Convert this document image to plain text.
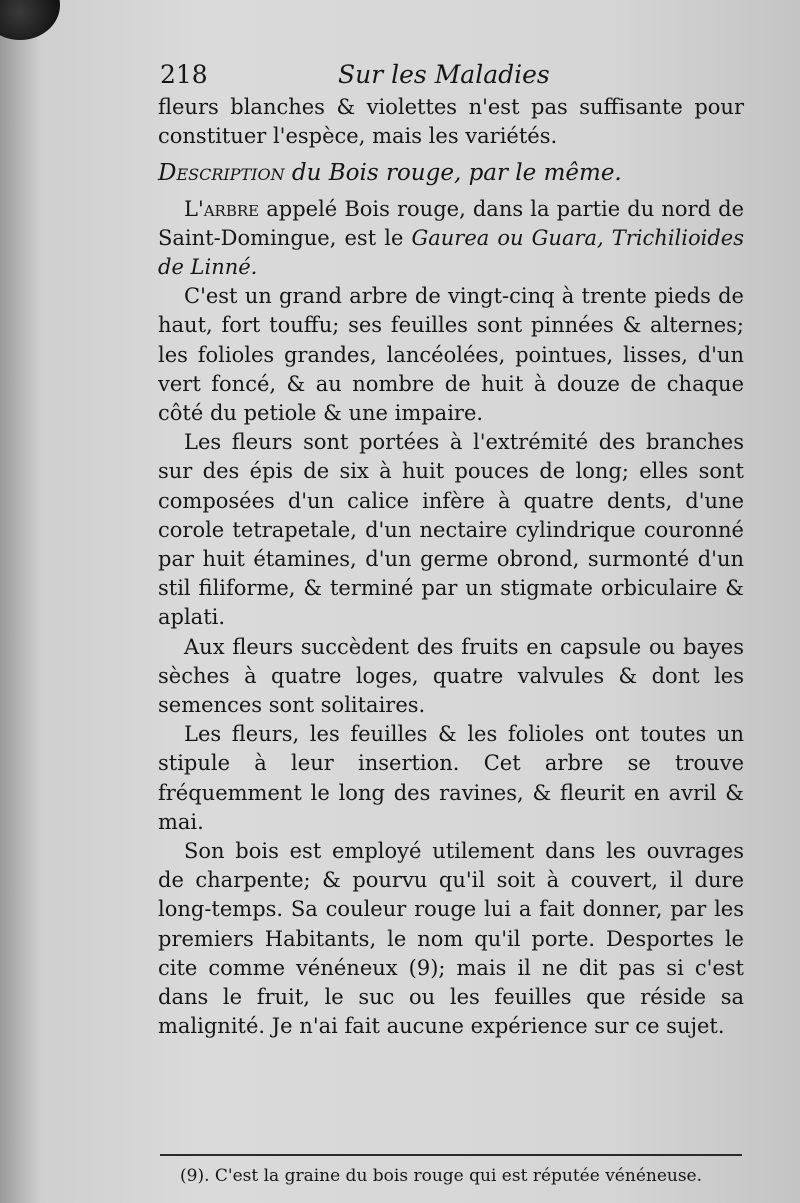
218	Sur les Maladies

fleurs blanches & violettes n'est pas suffisante pour constituer l'espèce, mais les variétés.

Description du Bois rouge, par le même.

L'arbre appelé Bois rouge, dans la partie du nord de Saint-Domingue, est le Gaurea ou Guara, Trichilioides de Linné.

C'est un grand arbre de vingt-cinq à trente pieds de haut, fort touffu; ses feuilles sont pinnées & alternes; les folioles grandes, lancéolées, pointues, lisses, d'un vert foncé, & au nombre de huit à douze de chaque côté du petiole & une impaire.

Les fleurs sont portées à l'extrémité des branches sur des épis de six à huit pouces de long; elles sont composées d'un calice infère à quatre dents, d'une corole tetrapetale, d'un nectaire cylindrique couronné par huit étamines, d'un germe obrond, surmonté d'un stil filiforme, & terminé par un stigmate orbiculaire & aplati.

Aux fleurs succèdent des fruits en capsule ou bayes sèches à quatre loges, quatre valvules & dont les semences sont solitaires.

Les fleurs, les feuilles & les folioles ont toutes un stipule à leur insertion. Cet arbre se trouve fréquemment le long des ravines, & fleurit en avril & mai.

Son bois est employé utilement dans les ouvrages de charpente; & pourvu qu'il soit à couvert, il dure long-temps. Sa couleur rouge lui a fait donner, par les premiers Habitants, le nom qu'il porte. Desportes le cite comme vénéneux (9); mais il ne dit pas si c'est dans le fruit, le suc ou les feuilles que réside sa malignité. Je n'ai fait aucune expérience sur ce sujet.

(9). C'est la graine du bois rouge qui est réputée vénéneuse.
